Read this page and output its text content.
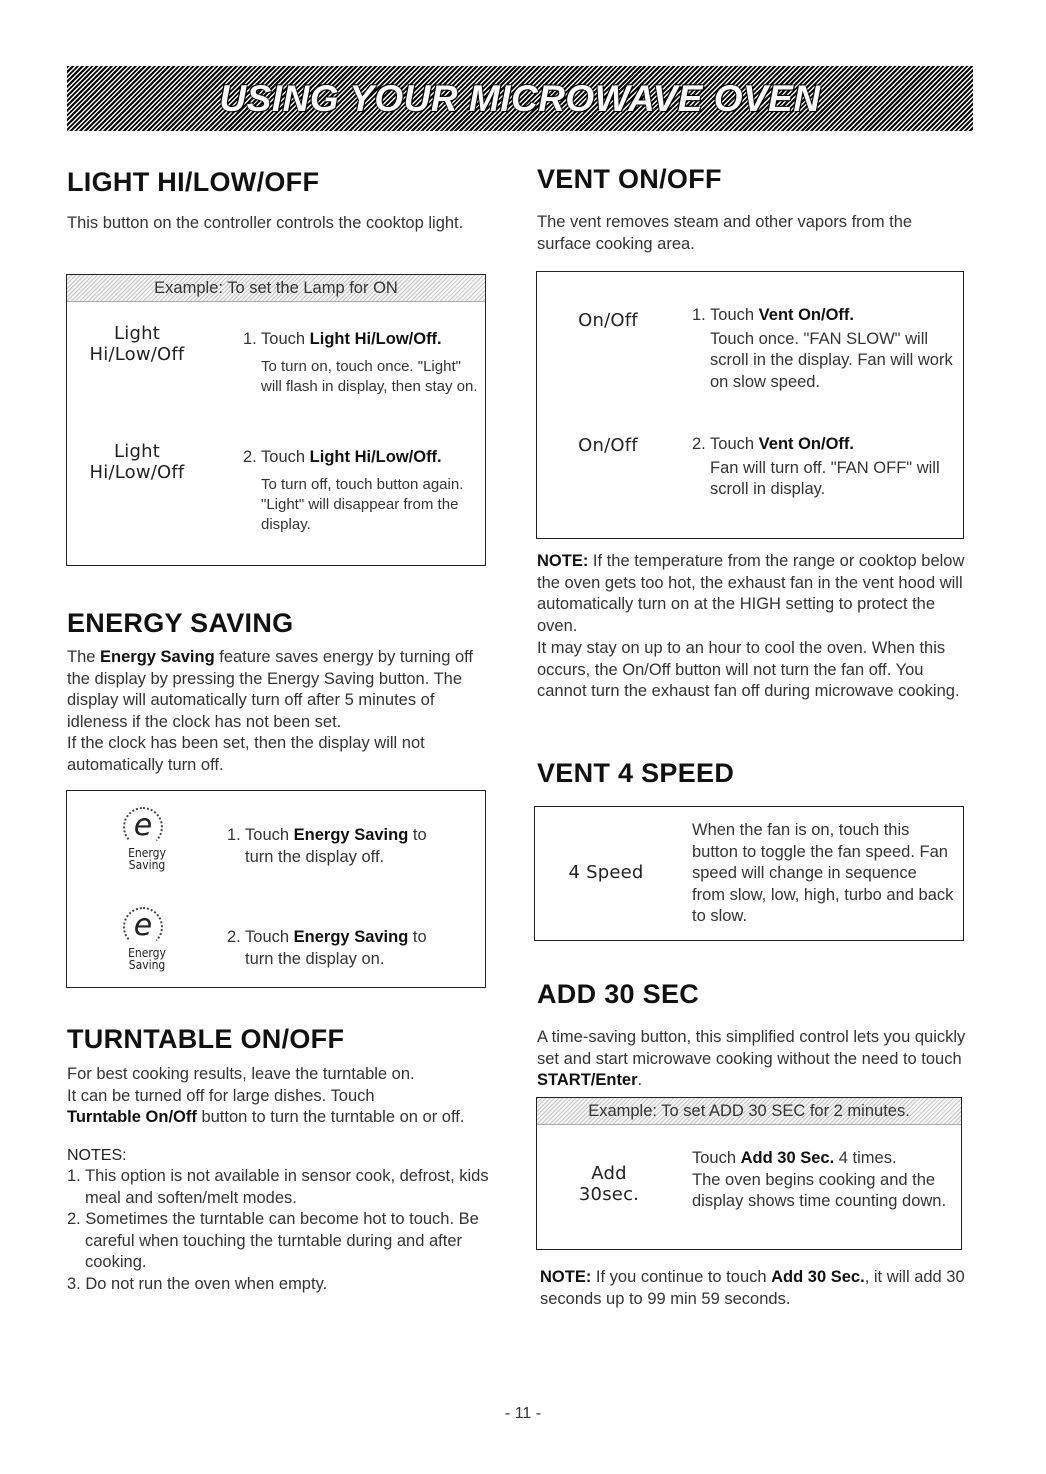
USING YOUR MICROWAVE OVEN
LIGHT HI/LOW/OFF

This button on the controller controls the cooktop light.

Example: To set the Lamp for ON
Light
Hi/Low/Off
1. Touch Light Hi/Low/Off.
To turn on, touch once. "Light" will flash in display, then stay on.
Light
Hi/Low/Off
2. Touch Light Hi/Low/Off.
To turn off, touch button again. "Light" will disappear from the display.
ENERGY SAVING

The Energy Saving feature saves energy by turning off the display by pressing the Energy Saving button. The display will automatically turn off after 5 minutes of idleness if the clock has not been set.

If the clock has been set, then the display will not automatically turn off.

e
Energy
Saving
1. Touch Energy Saving to
turn the display off.
e
Energy
Saving
2. Touch Energy Saving to
turn the display on.
TURNTABLE ON/OFF

For best cooking results, leave the turntable on.

It can be turned off for large dishes. Touch

Turntable On/Off button to turn the turntable on or off.

NOTES:
1. This option is not available in sensor cook, defrost, kids meal and soften/melt modes.
2. Sometimes the turntable can become hot to touch. Be careful when touching the turntable during and after cooking.
3. Do not run the oven when empty.
VENT ON/OFF

The vent removes steam and other vapors from the surface cooking area.

On/Off	1. Touch Vent On/Off.
Touch once. "FAN SLOW" will scroll in the display. Fan will work on slow speed.
On/Off	2. Touch Vent On/Off.
Fan will turn off. "FAN OFF" will scroll in display.

NOTE: If the temperature from the range or cooktop below the oven gets too hot, the exhaust fan in the vent hood will automatically turn on at the HIGH setting to protect the oven.

It may stay on up to an hour to cool the oven. When this occurs, the On/Off button will not turn the fan off. You cannot turn the exhaust fan off during microwave cooking.

VENT 4 SPEED
4 Speed
When the fan is on, touch this button to toggle the fan speed. Fan speed will change in sequence from slow, low, high, turbo and back to slow.
ADD 30 SEC

A time-saving button, this simplified control lets you quickly set and start microwave cooking without the need to touch START/Enter.

Example: To set ADD 30 SEC for 2 minutes.
Add
30sec.
Touch Add 30 Sec. 4 times.
The oven begins cooking and the display shows time counting down.

NOTE: If you continue to touch Add 30 Sec., it will add 30 seconds up to 99 min 59 seconds.

- 11 -
